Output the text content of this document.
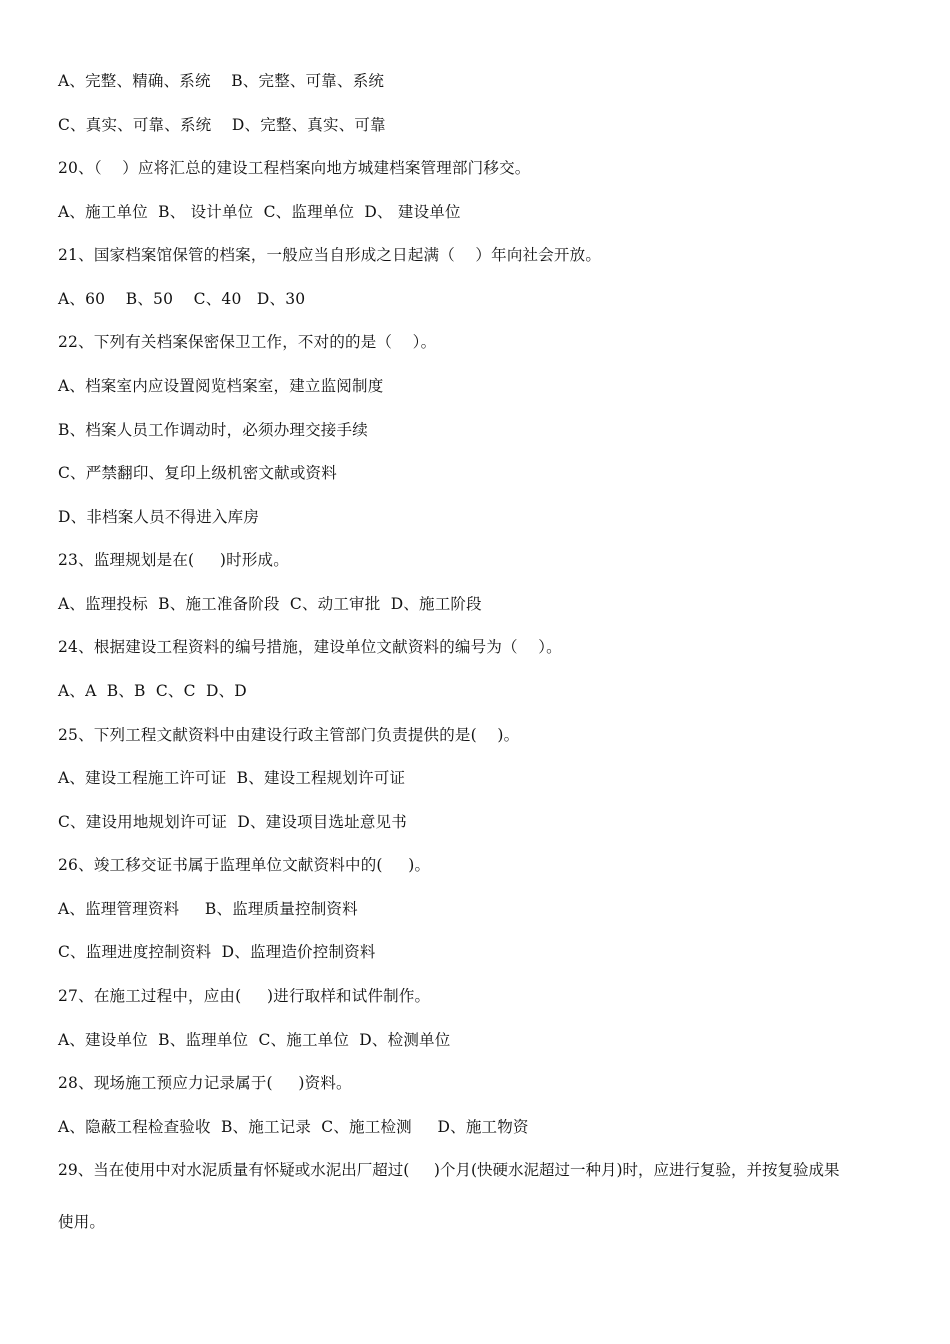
A、完整、精确、系统    B、完整、可靠、系统
C、真实、可靠、系统    D、完整、真实、可靠
20、（    ）应将汇总的建设工程档案向地方城建档案管理部门移交。
A、施工单位  B、 设计单位  C、监理单位  D、 建设单位
21、国家档案馆保管的档案，一般应当自形成之日起满（    ）年向社会开放。
A、60    B、50    C、40   D、30
22、下列有关档案保密保卫工作，不对的的是（    ）。
A、档案室内应设置阅览档案室，建立监阅制度
B、档案人员工作调动时，必须办理交接手续
C、严禁翻印、复印上级机密文献或资料
D、非档案人员不得进入库房
23、监理规划是在(     )时形成。
A、监理投标  B、施工准备阶段  C、动工审批  D、施工阶段
24、根据建设工程资料的编号措施，建设单位文献资料的编号为（    ）。
A、A  B、B  C、C  D、D
25、下列工程文献资料中由建设行政主管部门负责提供的是(    )。
A、建设工程施工许可证  B、建设工程规划许可证
C、建设用地规划许可证  D、建设项目选址意见书
26、竣工移交证书属于监理单位文献资料中的(     )。
A、监理管理资料     B、监理质量控制资料
C、监理进度控制资料  D、监理造价控制资料
27、在施工过程中，应由(     )进行取样和试件制作。
A、建设单位  B、监理单位  C、施工单位  D、检测单位
28、现场施工预应力记录属于(     )资料。
A、隐蔽工程检查验收  B、施工记录  C、施工检测     D、施工物资
29、当在使用中对水泥质量有怀疑或水泥出厂超过(     )个月(快硬水泥超过一种月)时，应进行复验，并按复验成果
使用。
